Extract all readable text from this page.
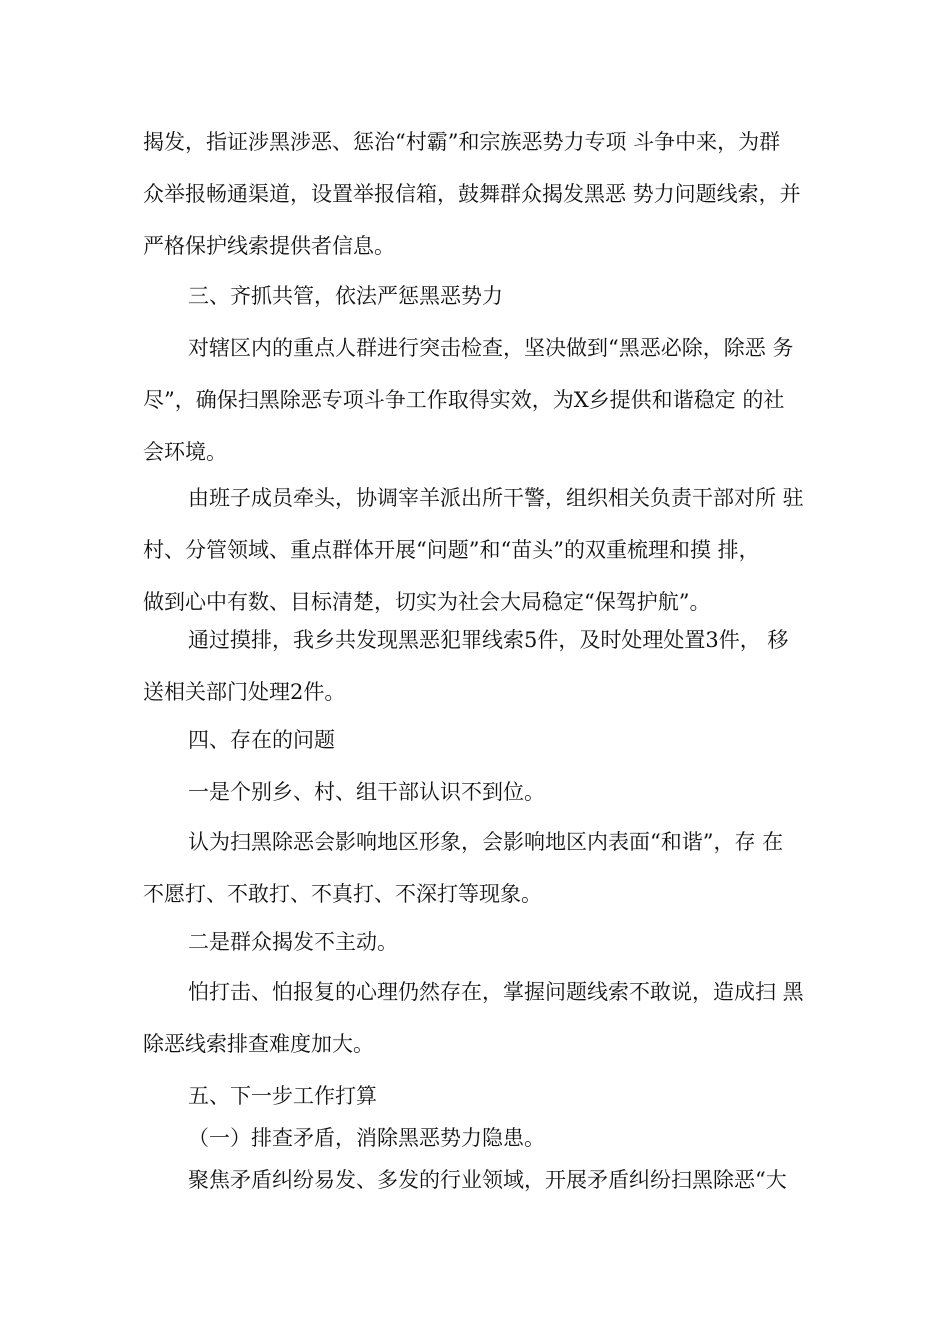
揭发，指证涉黑涉恶、惩治“村霸”和宗族恶势力专项 斗争中来，为群
众举报畅通渠道，设置举报信箱，鼓舞群众揭发黑恶 势力问题线索，并
严格保护线索提供者信息。
三、齐抓共管，依法严惩黑恶势力
对辖区内的重点人群进行突击检查，坚决做到“黑恶必除，除恶 务
尽”，确保扫黑除恶专项斗争工作取得实效，为X乡提供和谐稳定 的社
会环境。
由班子成员牵头，协调宰羊派出所干警，组织相关负责干部对所 驻
村、分管领域、重点群体开展“问题”和“苗头”的双重梳理和摸 排，
做到心中有数、目标清楚，切实为社会大局稳定“保驾护航”。
通过摸排，我乡共发现黑恶犯罪线索5件，及时处理处置3件， 移
送相关部门处理2件。
四、存在的问题
一是个别乡、村、组干部认识不到位。
认为扫黑除恶会影响地区形象，会影响地区内表面“和谐”，存 在
不愿打、不敢打、不真打、不深打等现象。
二是群众揭发不主动。
怕打击、怕报复的心理仍然存在，掌握问题线索不敢说，造成扫 黑
除恶线索排查难度加大。
五、下一步工作打算
（一）排查矛盾，消除黑恶势力隐患。
聚焦矛盾纠纷易发、多发的行业领域，开展矛盾纠纷扫黑除恶“大
